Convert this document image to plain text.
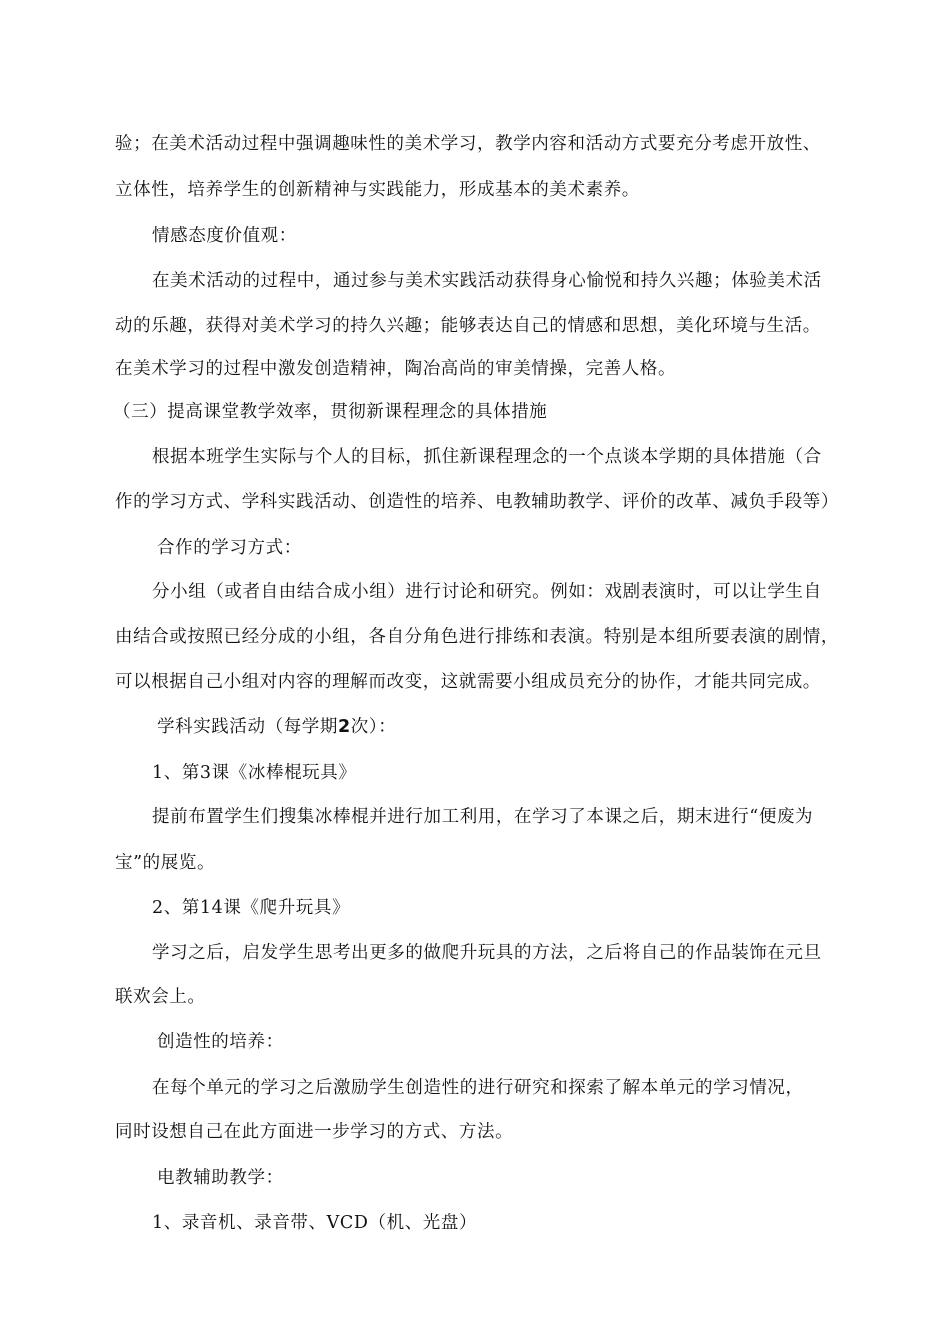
验；在美术活动过程中强调趣味性的美术学习，教学内容和活动方式要充分考虑开放性、
立体性，培养学生的创新精神与实践能力，形成基本的美术素养。
情感态度价值观：
在美术活动的过程中，通过参与美术实践活动获得身心愉悦和持久兴趣；体验美术活
动的乐趣，获得对美术学习的持久兴趣；能够表达自己的情感和思想，美化环境与生活。
在美术学习的过程中激发创造精神，陶冶高尚的审美情操，完善人格。
（三）提高课堂教学效率，贯彻新课程理念的具体措施
根据本班学生实际与个人的目标，抓住新课程理念的一个点谈本学期的具体措施（合
作的学习方式、学科实践活动、创造性的培养、电教辅助教学、评价的改革、减负手段等）
合作的学习方式：
分小组（或者自由结合成小组）进行讨论和研究。例如：戏剧表演时，可以让学生自
由结合或按照已经分成的小组，各自分角色进行排练和表演。特别是本组所要表演的剧情，
可以根据自己小组对内容的理解而改变，这就需要小组成员充分的协作，才能共同完成。
学科实践活动（每学期2次）：
1、第3课《冰棒棍玩具》
提前布置学生们搜集冰棒棍并进行加工利用，在学习了本课之后，期末进行“便废为
宝”的展览。
2、第14课《爬升玩具》
学习之后，启发学生思考出更多的做爬升玩具的方法，之后将自己的作品装饰在元旦
联欢会上。
创造性的培养：
在每个单元的学习之后激励学生创造性的进行研究和探索了解本单元的学习情况，
同时设想自己在此方面进一步学习的方式、方法。
电教辅助教学：
1、录音机、录音带、VCD（机、光盘）
